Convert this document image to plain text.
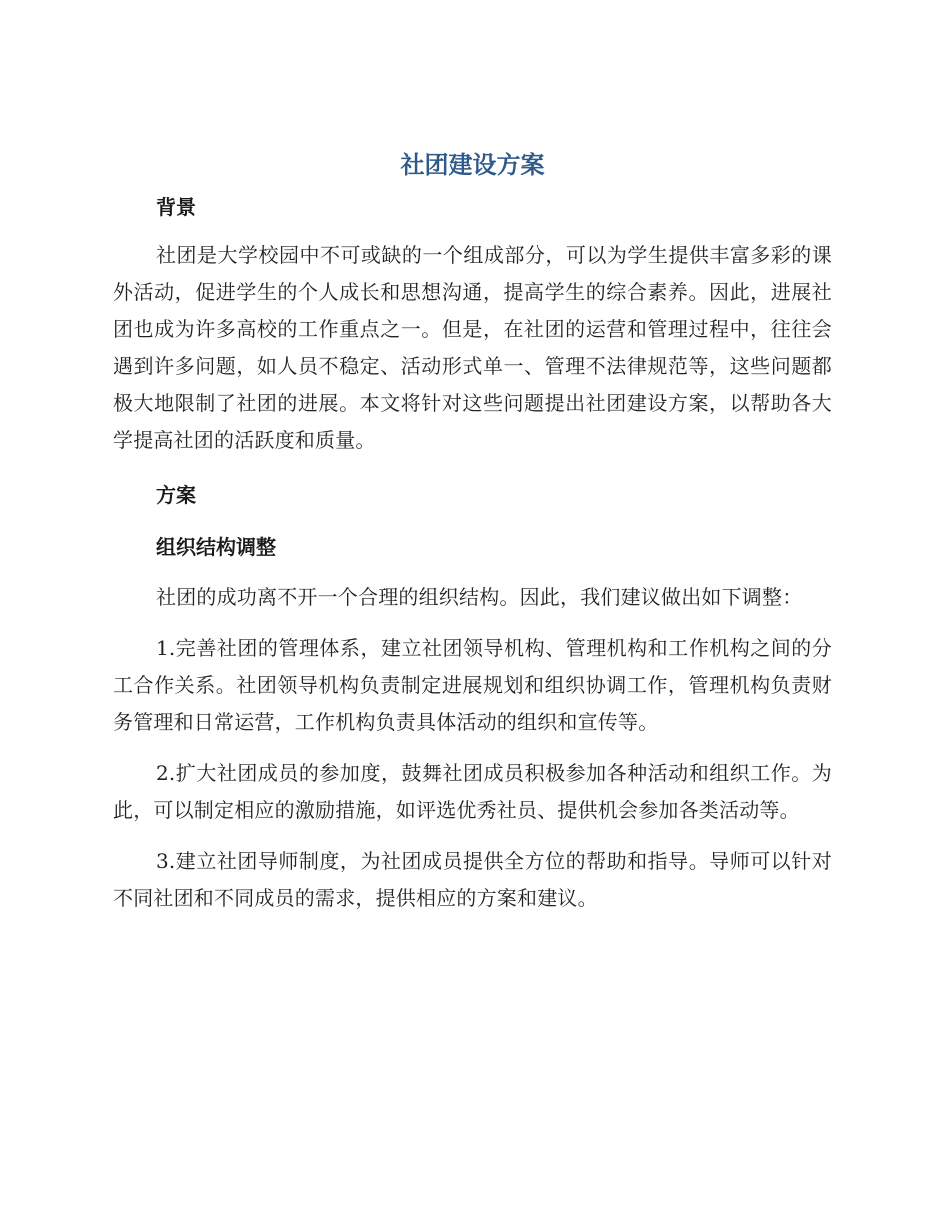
社团建设方案
背景

社团是大学校园中不可或缺的一个组成部分，可以为学生提供丰富多彩的课外活动，促进学生的个人成长和思想沟通，提高学生的综合素养。因此，进展社团也成为许多高校的工作重点之一。但是，在社团的运营和管理过程中，往往会遇到许多问题，如人员不稳定、活动形式单一、管理不法律规范等，这些问题都极大地限制了社团的进展。本文将针对这些问题提出社团建设方案，以帮助各大学提高社团的活跃度和质量。

方案
组织结构调整

社团的成功离不开一个合理的组织结构。因此，我们建议做出如下调整：

1.完善社团的管理体系，建立社团领导机构、管理机构和工作机构之间的分工合作关系。社团领导机构负责制定进展规划和组织协调工作，管理机构负责财务管理和日常运营，工作机构负责具体活动的组织和宣传等。

2.扩大社团成员的参加度，鼓舞社团成员积极参加各种活动和组织工作。为此，可以制定相应的激励措施，如评选优秀社员、提供机会参加各类活动等。

3.建立社团导师制度，为社团成员提供全方位的帮助和指导。导师可以针对不同社团和不同成员的需求，提供相应的方案和建议。
